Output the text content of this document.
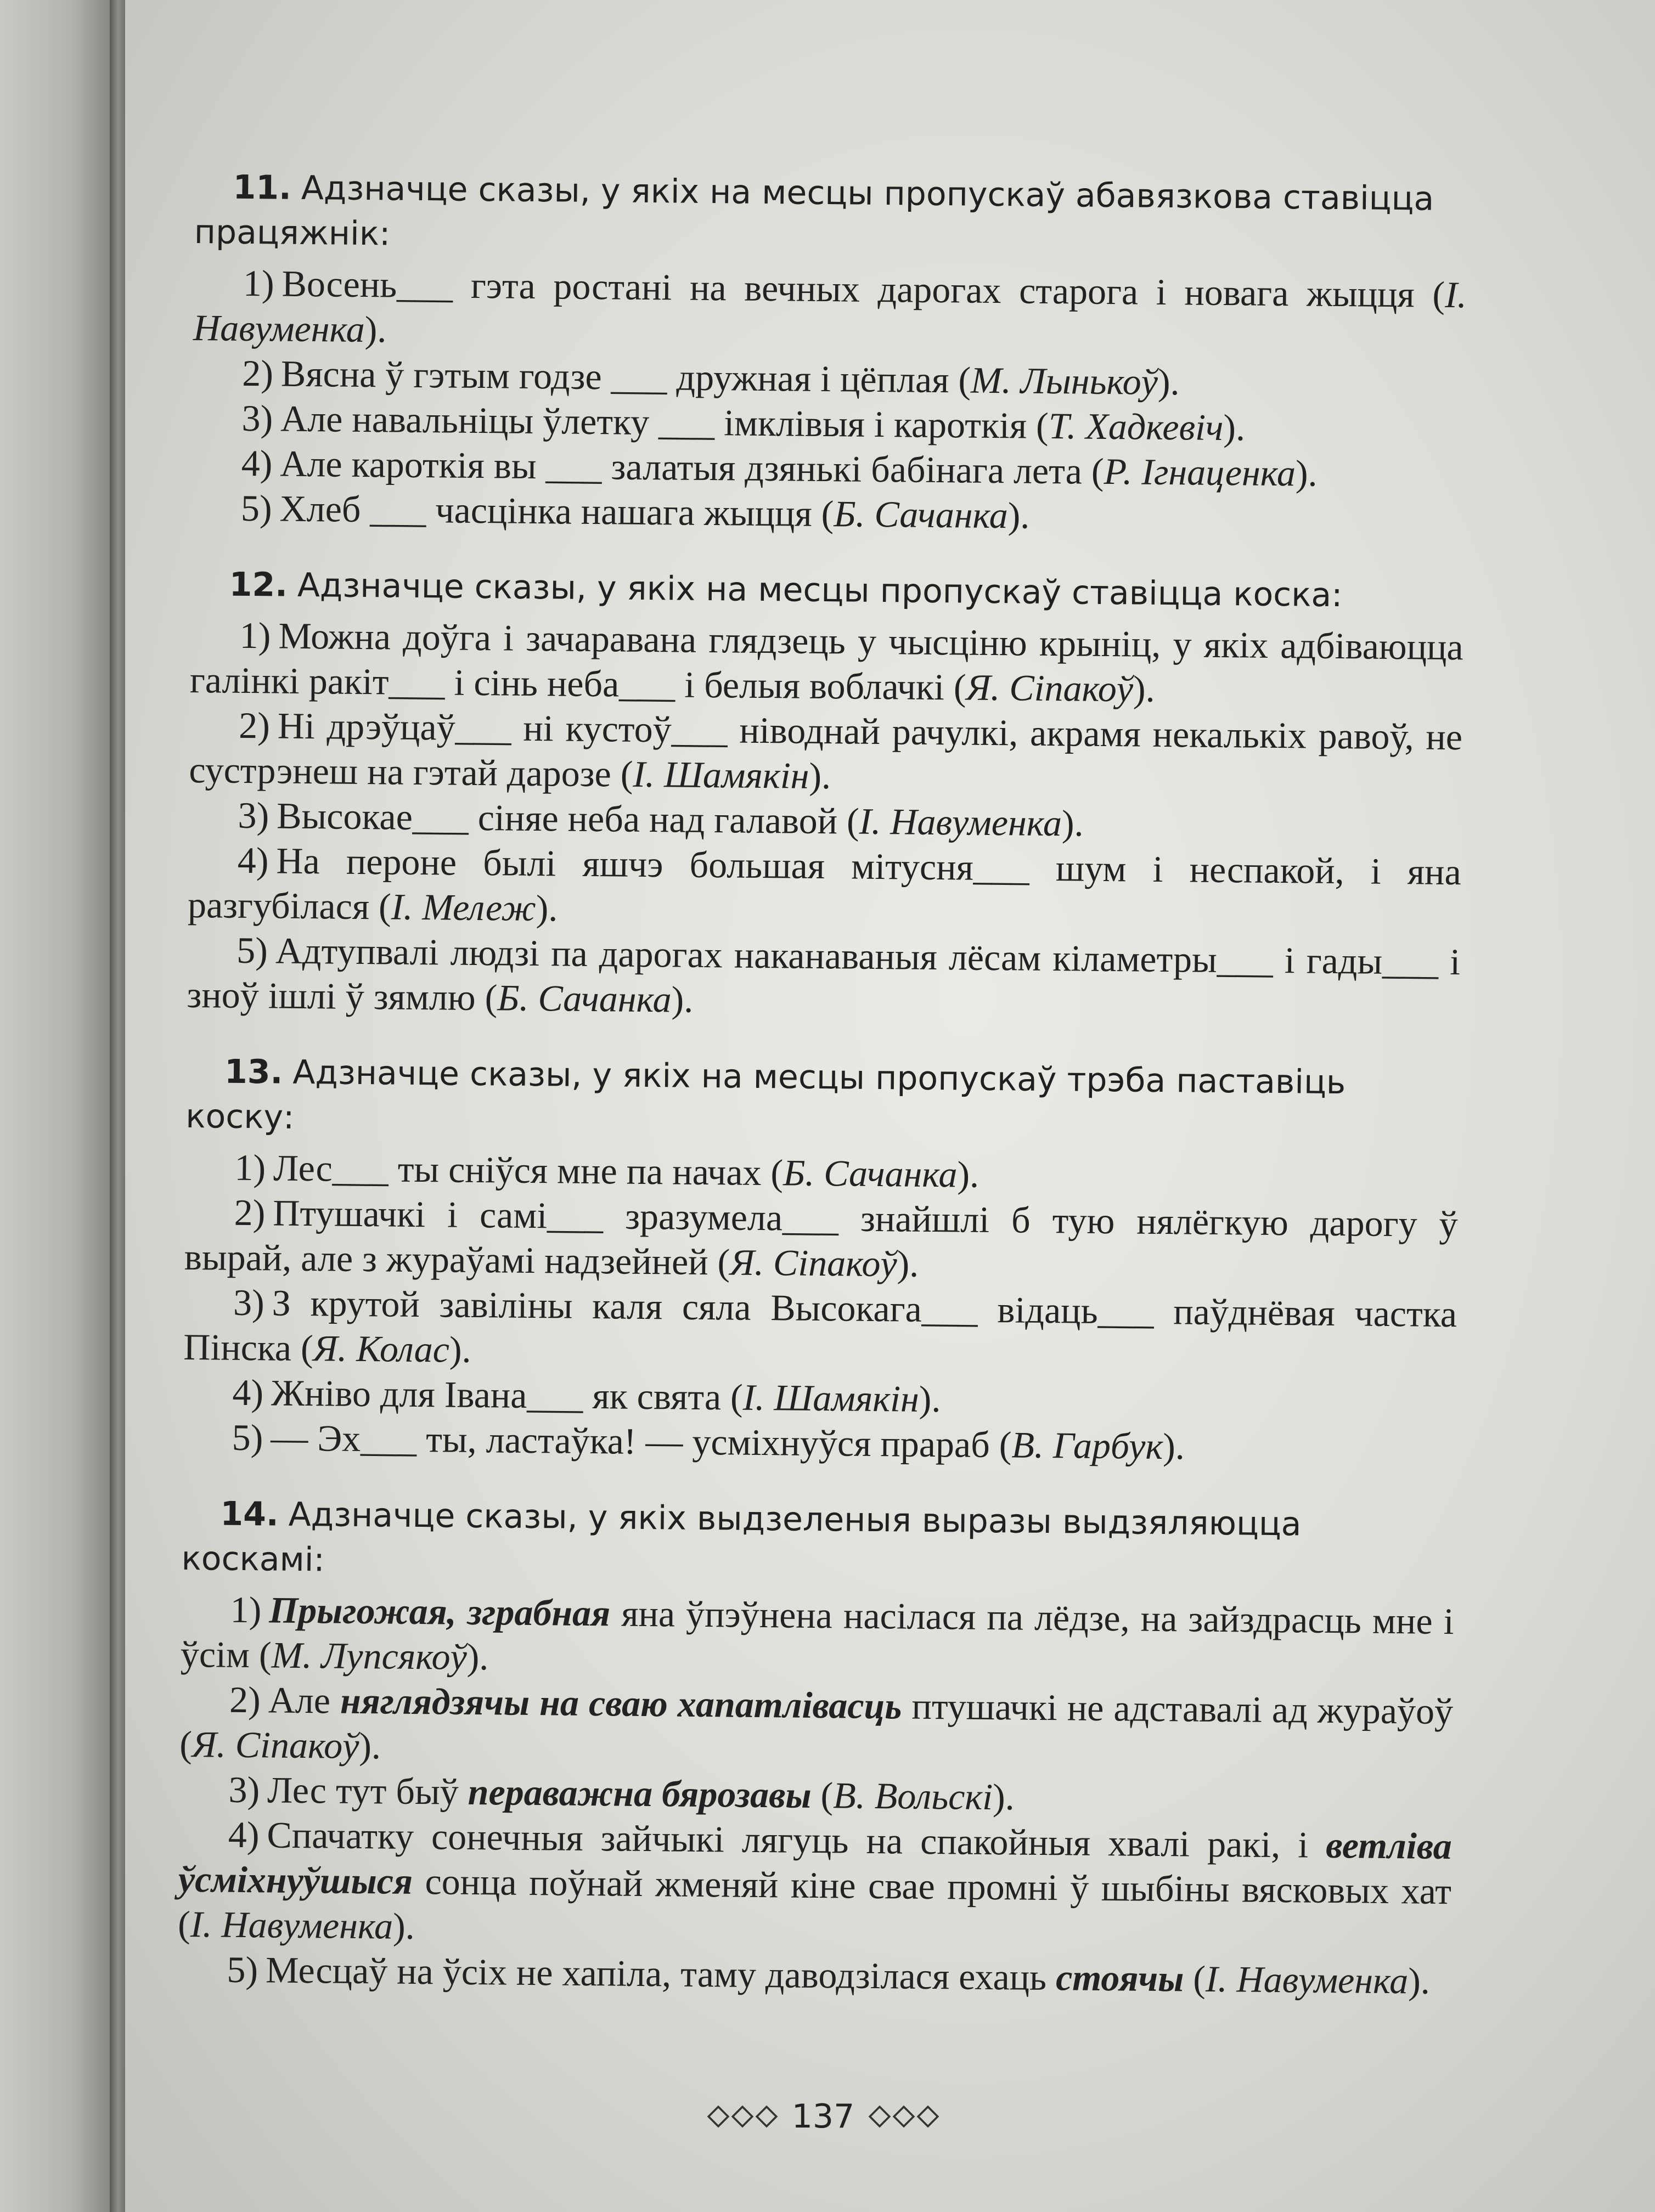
11. Адзначце сказы, у якіх на месцы пропускаў абавязкова ставіцца працяжнік:

1) Восень___ гэта ростані на вечных дарогах старога і новага жыцця (І. Навуменка).

2) Вясна ў гэтым годзе ___ дружная і цёплая (М. Лынькоў).

3) Але навальніцы ўлетку ___ імклівыя і кароткія (Т. Хадкевіч).

4) Але кароткія вы ___ залатыя дзянькі бабінага лета (Р. Ігнаценка).

5) Хлеб ___ часцінка нашага жыцця (Б. Сачанка).

12. Адзначце сказы, у якіх на месцы пропускаў ставіцца коска:

1) Можна доўга і зачаравана глядзець у чысціню крыніц, у якіх адбіваюцца галінкі ракіт___ і сінь неба___ і белыя воблачкі (Я. Сіпакоў).

2) Ні дрэўцаў___ ні кустоў___ ніводнай рачулкі, акрамя некалькіх равоў, не сустрэнеш на гэтай дарозе (І. Шамякін).

3) Высокае___ сіняе неба над галавой (І. Навуменка).

4) На пероне былі яшчэ большая мітусня___ шум і неспакой, і яна разгубілася (І. Мележ).

5) Адтупвалі людзі па дарогах наканаваныя лёсам кіламетры___ і гады___ і зноў ішлі ў зямлю (Б. Сачанка).

13. Адзначце сказы, у якіх на месцы пропускаў трэба паставіць коску:

1) Лес___ ты сніўся мне па начах (Б. Сачанка).

2) Птушачкі і самі___ зразумела___ знайшлі б тую нялёгкую дарогу ў вырай, але з жураўамі надзейней (Я. Сіпакоў).

3) З крутой завіліны каля сяла Высокага___ відаць___ паўднёвая частка Пінска (Я. Колас).

4) Жніво для Івана___ як свята (І. Шамякін).

5) — Эх___ ты, ластаўка! — усміхнуўся прараб (В. Гарбук).

14. Адзначце сказы, у якіх выдзеленыя выразы выдзяляюцца коскамі:

1) Прыгожая, зграбная яна ўпэўнена насілася па лёдзе, на зайздрасць мне і ўсім (М. Лупсякоў).

2) Але няглядзячы на сваю хапатлівасць птушачкі не адставалі ад жураўоў (Я. Сіпакоў).

3) Лес тут быў пераважна бярозавы (В. Вольскі).

4) Спачатку сонечныя зайчыкі лягуць на спакойныя хвалі ракі, і ветліва ўсміхнуўшыся сонца поўнай жменяй кіне свае промні ў шыбіны вясковых хат (І. Навуменка).

5) Месцаў на ўсіх не хапіла, таму даводзілася ехаць стоячы (І. Навуменка).

137
